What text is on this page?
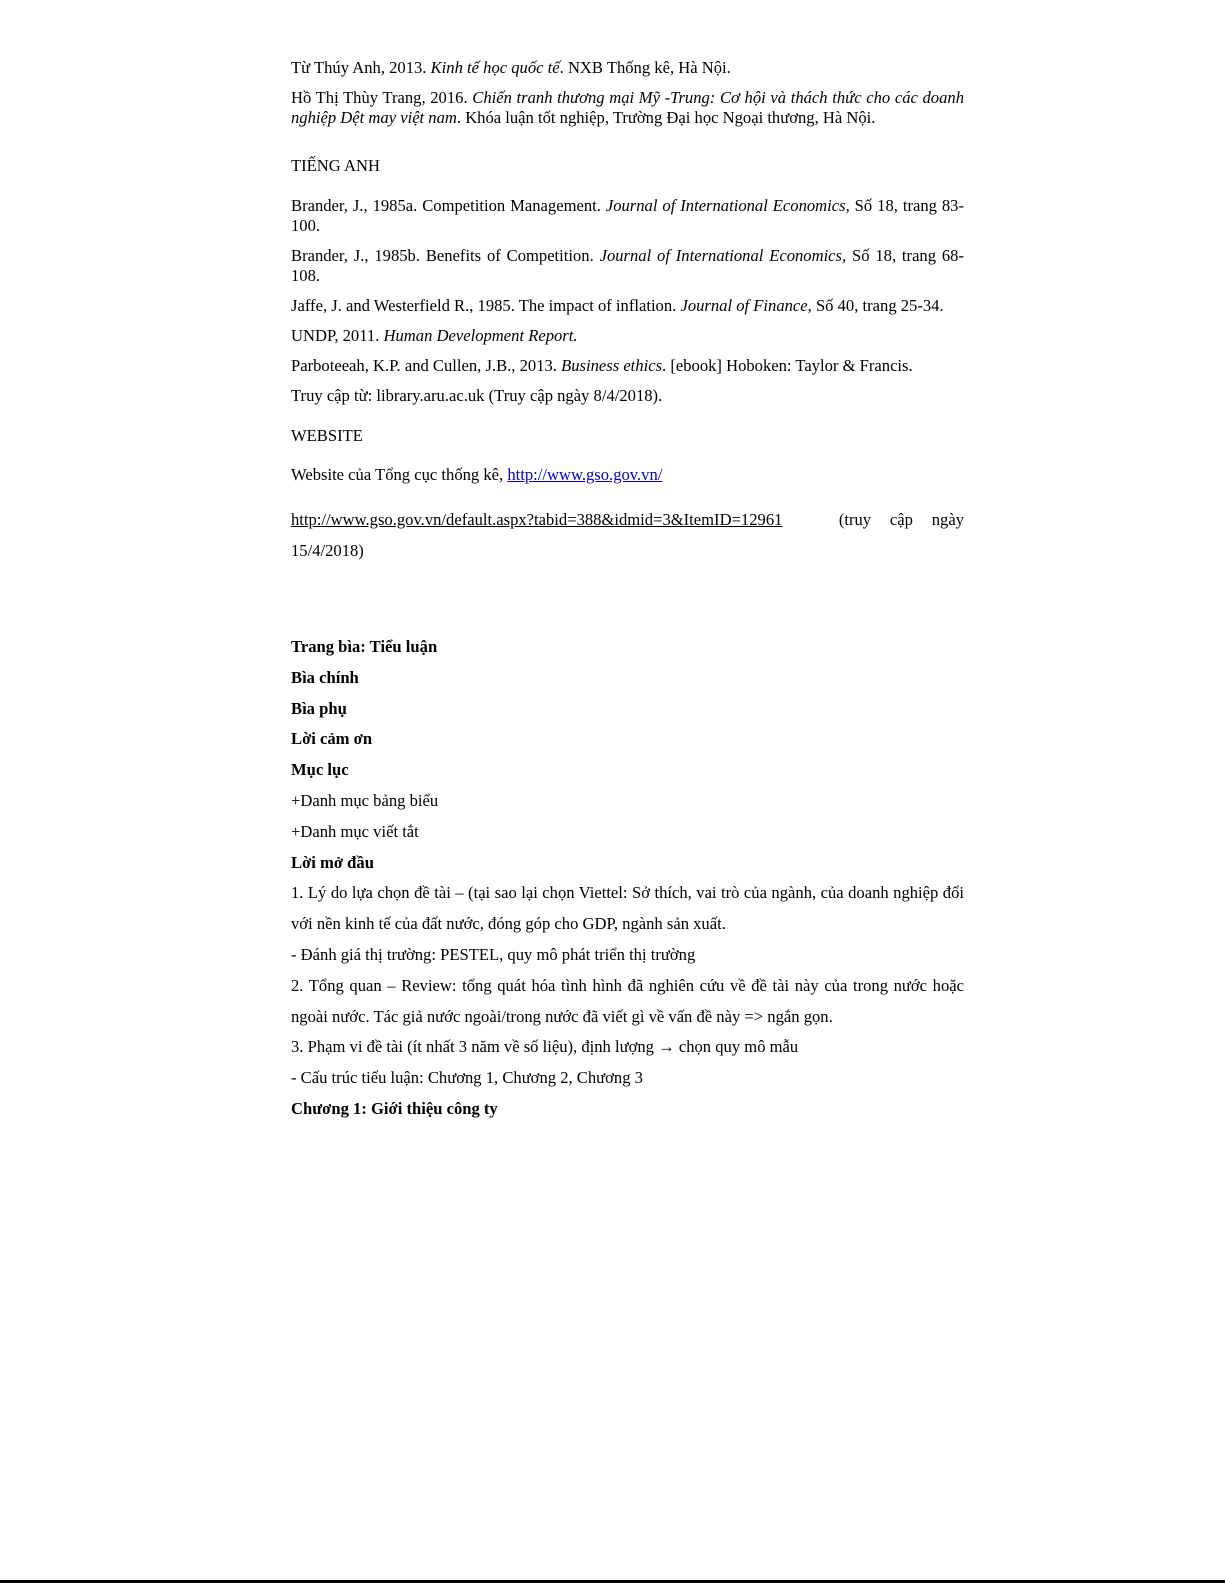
Từ Thúy Anh, 2013. Kinh tế học quốc tế. NXB Thống kê, Hà Nội.

Hồ Thị Thùy Trang, 2016. Chiến tranh thương mại Mỹ -Trung: Cơ hội và thách thức cho các doanh nghiệp Dệt may việt nam. Khóa luận tốt nghiệp, Trường Đại học Ngoại thương, Hà Nội.

TIẾNG ANH

Brander, J., 1985a. Competition Management. Journal of International Economics, Số 18, trang 83-100.

Brander, J., 1985b. Benefits of Competition. Journal of International Economics, Số 18, trang 68-108.

Jaffe, J. and Westerfield R., 1985. The impact of inflation. Journal of Finance, Số 40, trang 25-34.

UNDP, 2011. Human Development Report.

Parboteeah, K.P. and Cullen, J.B., 2013. Business ethics. [ebook] Hoboken: Taylor & Francis.

Truy cập từ: library.aru.ac.uk (Truy cập ngày 8/4/2018).

WEBSITE

Website của Tổng cục thống kê, http://www.gso.gov.vn/

http://www.gso.gov.vn/default.aspx?tabid=388&idmid=3&ItemID=12961	(truy cập ngày 15/4/2018)

Trang bìa: Tiểu luận

Bìa chính

Bìa phụ

Lời cảm ơn

Mục lục

+Danh mục bảng biểu

+Danh mục viết tắt

Lời mở đầu

1. Lý do lựa chọn đề tài – (tại sao lại chọn Viettel: Sở thích, vai trò của ngành, của doanh nghiệp đối với nền kinh tế của đất nước, đóng góp cho GDP, ngành sản xuất.

- Đánh giá thị trường: PESTEL, quy mô phát triển thị trường

2. Tổng quan – Review: tổng quát hóa tình hình đã nghiên cứu về đề tài này của trong nước hoặc ngoài nước. Tác giả nước ngoài/trong nước đã viết gì về vấn đề này => ngắn gọn.

3. Phạm vi đề tài (ít nhất 3 năm về số liệu), định lượng → chọn quy mô mẫu

- Cấu trúc tiểu luận: Chương 1, Chương 2, Chương 3

Chương 1: Giới thiệu công ty
